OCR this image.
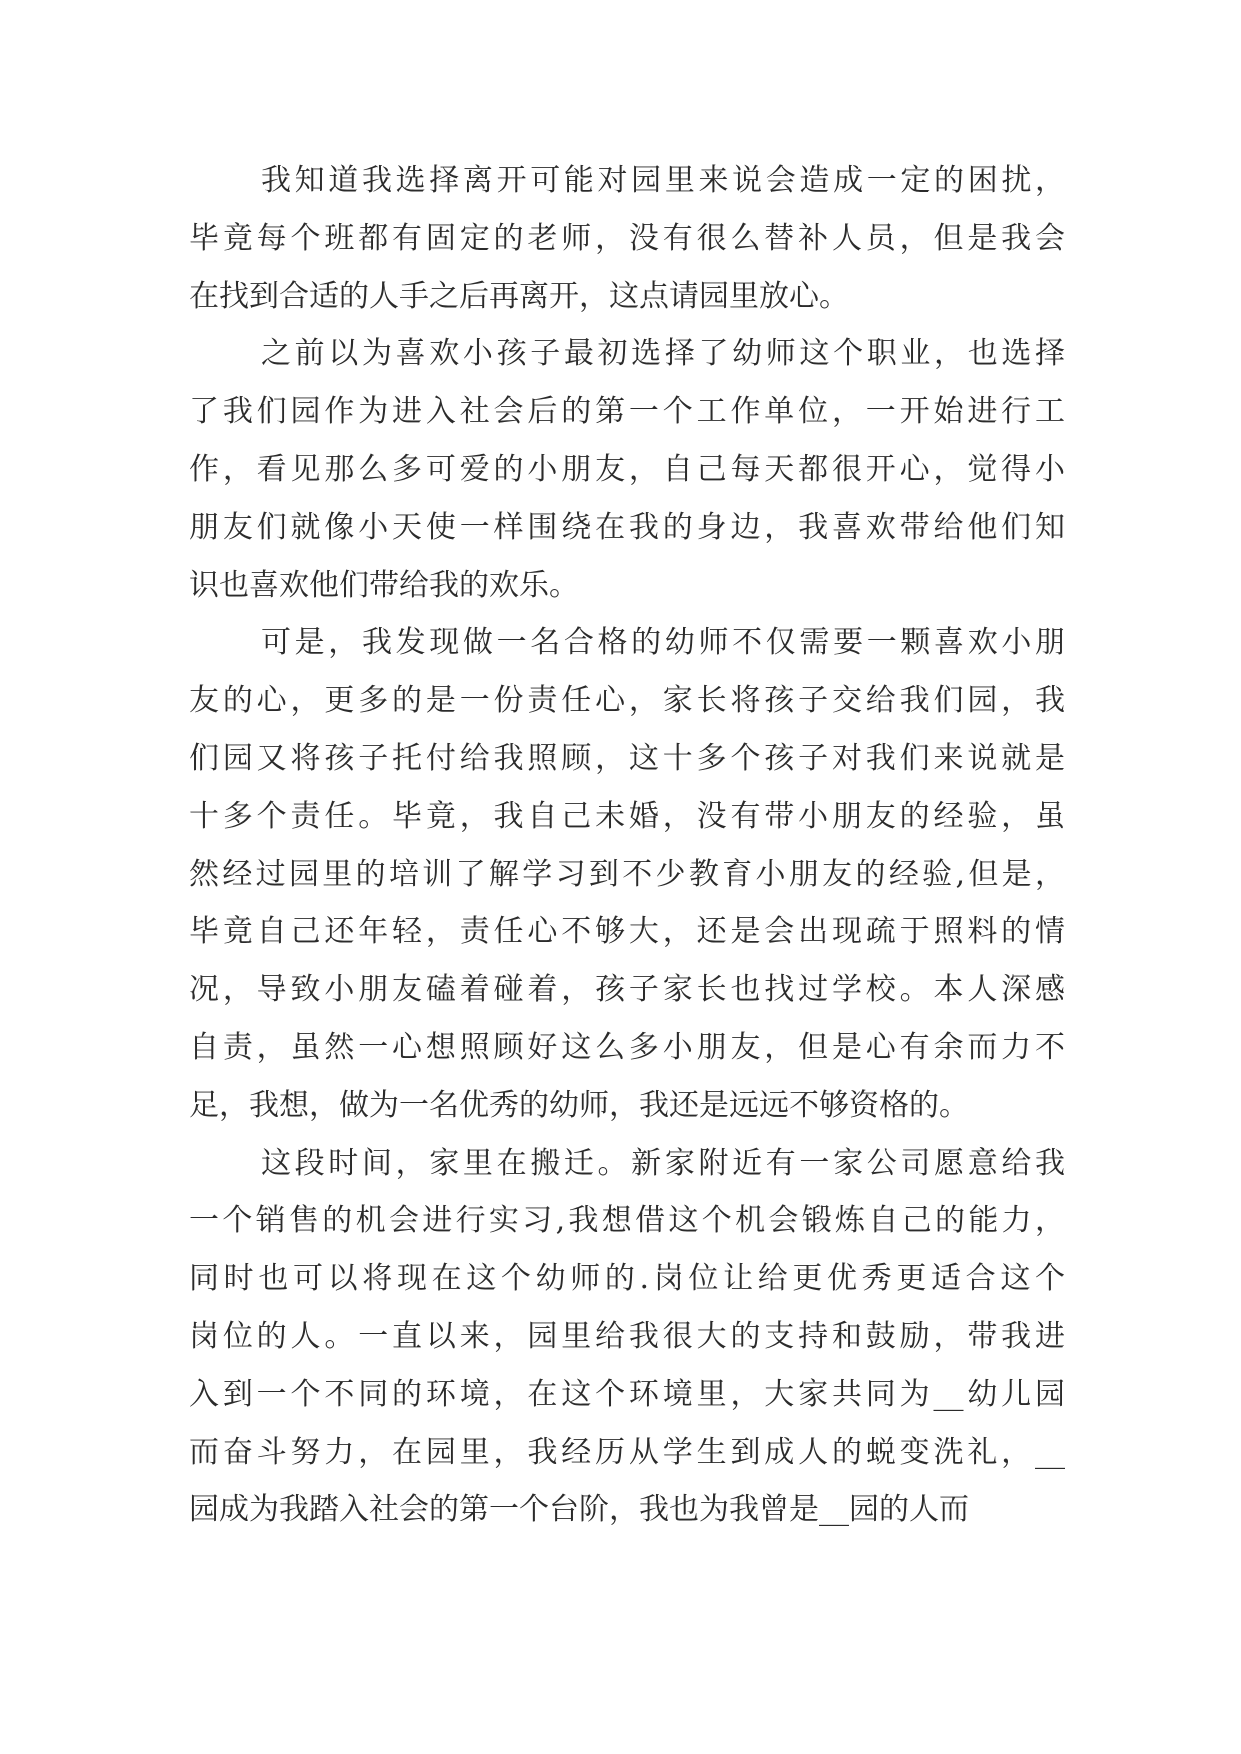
我知道我选择离开可能对园里来说会造成一定的困扰，
毕竟每个班都有固定的老师，没有很么替补人员，但是我会
在找到合适的人手之后再离开，这点请园里放心。
之前以为喜欢小孩子最初选择了幼师这个职业，也选择
了我们园作为进入社会后的第一个工作单位，一开始进行工
作，看见那么多可爱的小朋友，自己每天都很开心，觉得小
朋友们就像小天使一样围绕在我的身边，我喜欢带给他们知
识也喜欢他们带给我的欢乐。
可是，我发现做一名合格的幼师不仅需要一颗喜欢小朋
友的心，更多的是一份责任心，家长将孩子交给我们园，我
们园又将孩子托付给我照顾，这十多个孩子对我们来说就是
十多个责任。毕竟，我自己未婚，没有带小朋友的经验，虽
然经过园里的培训了解学习到不少教育小朋友的经验,但是，
毕竟自己还年轻，责任心不够大，还是会出现疏于照料的情
况，导致小朋友磕着碰着，孩子家长也找过学校。本人深感
自责，虽然一心想照顾好这么多小朋友，但是心有余而力不
足，我想，做为一名优秀的幼师，我还是远远不够资格的。
这段时间，家里在搬迁。新家附近有一家公司愿意给我
一个销售的机会进行实习,我想借这个机会锻炼自己的能力，
同时也可以将现在这个幼师的.岗位让给更优秀更适合这个
岗位的人。一直以来，园里给我很大的支持和鼓励，带我进
入到一个不同的环境，在这个环境里，大家共同为__幼儿园
而奋斗努力，在园里，我经历从学生到成人的蜕变洗礼，__
园成为我踏入社会的第一个台阶，我也为我曾是__园的人而
